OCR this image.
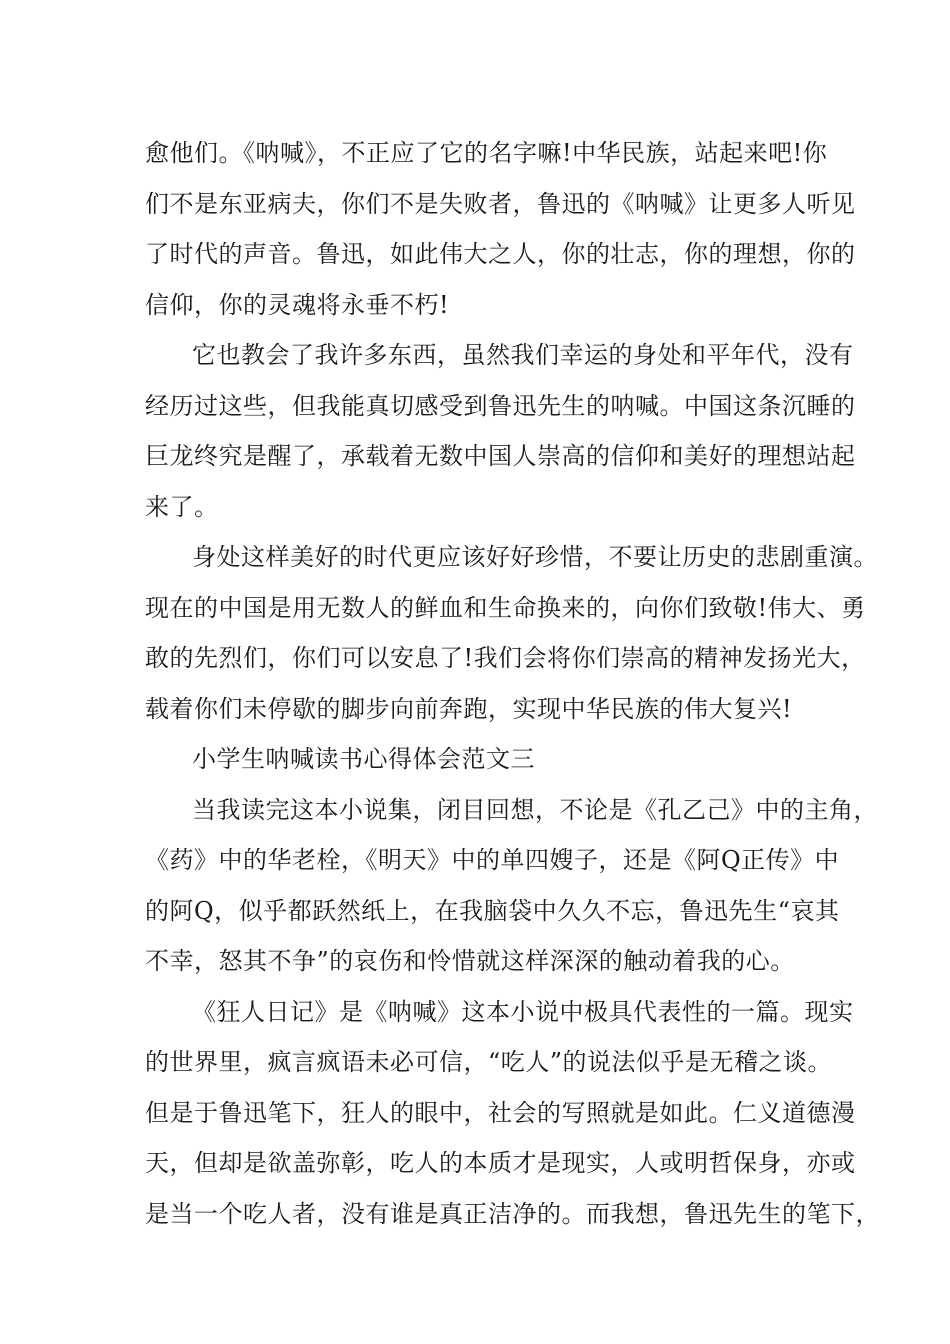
愈他们。《呐喊》，不正应了它的名字嘛!中华民族，站起来吧!你
们不是东亚病夫，你们不是失败者，鲁迅的《呐喊》让更多人听见
了时代的声音。鲁迅，如此伟大之人，你的壮志，你的理想，你的
信仰，你的灵魂将永垂不朽!
它也教会了我许多东西，虽然我们幸运的身处和平年代，没有
经历过这些，但我能真切感受到鲁迅先生的呐喊。中国这条沉睡的
巨龙终究是醒了，承载着无数中国人崇高的信仰和美好的理想站起
来了。
身处这样美好的时代更应该好好珍惜，不要让历史的悲剧重演。
现在的中国是用无数人的鲜血和生命换来的，向你们致敬!伟大、勇
敢的先烈们，你们可以安息了!我们会将你们崇高的精神发扬光大，
载着你们未停歇的脚步向前奔跑，实现中华民族的伟大复兴!
小学生呐喊读书心得体会范文三
当我读完这本小说集，闭目回想，不论是《孔乙己》中的主角，
《药》中的华老栓，《明天》中的单四嫂子，还是《阿Q正传》中
的阿Q，似乎都跃然纸上，在我脑袋中久久不忘，鲁迅先生“哀其
不幸，怒其不争”的哀伤和怜惜就这样深深的触动着我的心。
《狂人日记》是《呐喊》这本小说中极具代表性的一篇。现实
的世界里，疯言疯语未必可信，“吃人”的说法似乎是无稽之谈。
但是于鲁迅笔下，狂人的眼中，社会的写照就是如此。仁义道德漫
天，但却是欲盖弥彰，吃人的本质才是现实，人或明哲保身，亦或
是当一个吃人者，没有谁是真正洁净的。而我想，鲁迅先生的笔下，
